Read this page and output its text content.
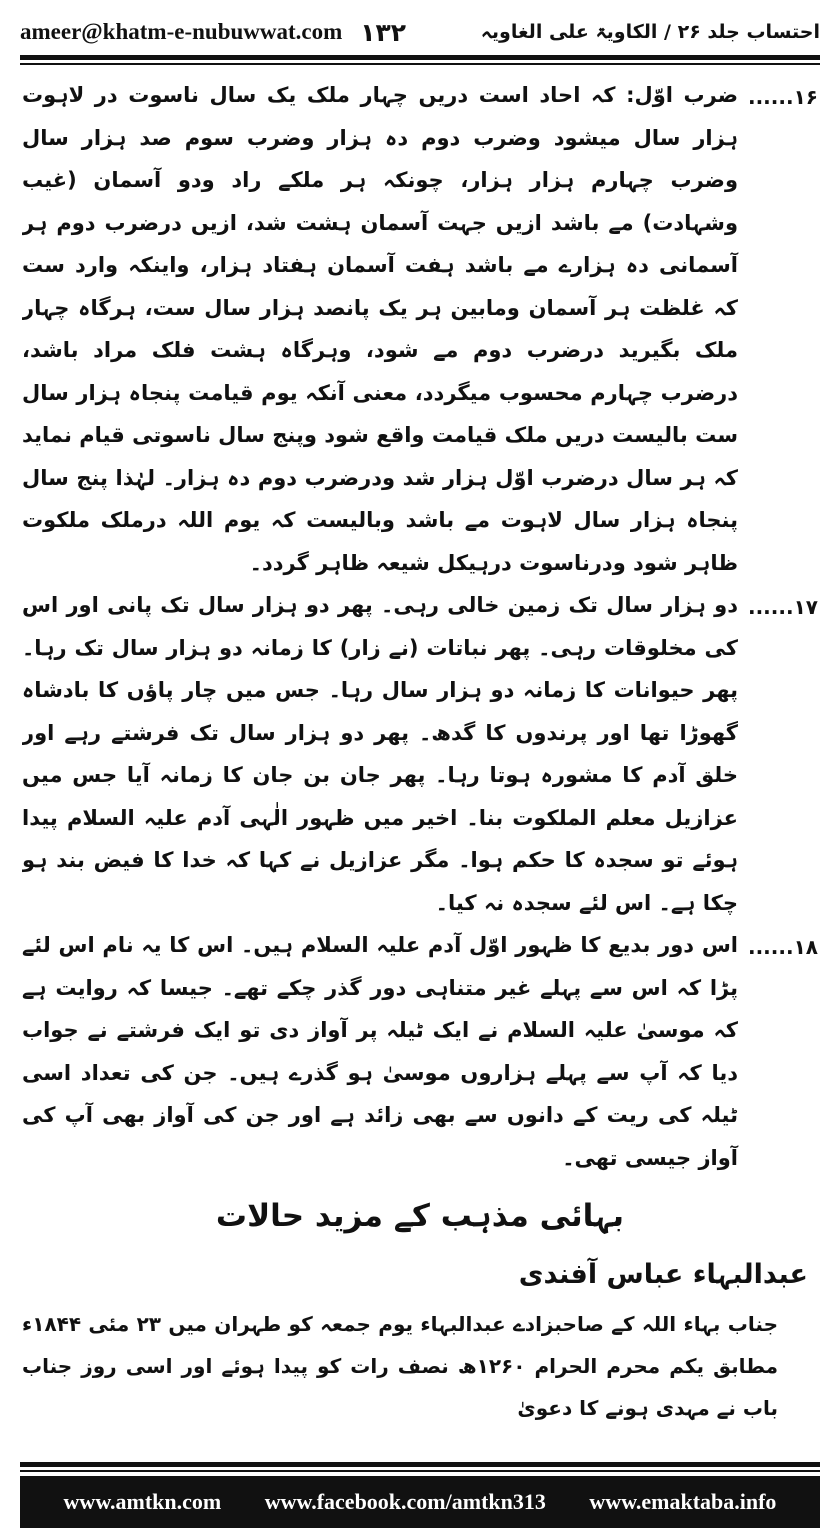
ameer@khatm-e-nubuwwat.com ۱۳۲	احتساب جلد ۲۶ / الکاویۃ علی الغاویہ
۱۶......

ضرب اوّل: کہ احاد است دریں چہار ملک یک سال ناسوت در لاہوت ہزار سال میشود وضرب دوم دہ ہزار وضرب سوم صد ہزار سال وضرب چہارم ہزار ہزار، چونکہ ہر ملکے راد ودو آسمان (غیب وشہادت) مے باشد ازیں جہت آسمان ہشت شد، ازیں درضرب دوم ہر آسمانی دہ ہزارے مے باشد ہفت آسمان ہفتاد ہزار، واینکہ وارد ست کہ غلظت ہر آسمان ومابین ہر یک پانصد ہزار سال ست، ہرگاہ چہار ملک بگیرید درضرب دوم مے شود، وہرگاہ ہشت فلک مراد باشد، درضرب چہارم محسوب میگردد، معنی آنکہ یوم قیامت پنجاہ ہزار سال ست بالیست دریں ملک قیامت واقع شود وپنج سال ناسوتی قیام نماید کہ ہر سال درضرب اوّل ہزار شد ودرضرب دوم دہ ہزار۔ لہٰذا پنج سال پنجاہ ہزار سال لاہوت مے باشد وبالیست کہ یوم اللہ درملک ملکوت ظاہر شود ودرناسوت درہیکل شیعہ ظاہر گردد۔

۱۷......

دو ہزار سال تک زمین خالی رہی۔ پھر دو ہزار سال تک پانی اور اس کی مخلوقات رہی۔ پھر نباتات (نے زار) کا زمانہ دو ہزار سال تک رہا۔ پھر حیوانات کا زمانہ دو ہزار سال رہا۔ جس میں چار پاؤں کا بادشاہ گھوڑا تھا اور پرندوں کا گدھ۔ پھر دو ہزار سال تک فرشتے رہے اور خلق آدم کا مشورہ ہوتا رہا۔ پھر جان بن جان کا زمانہ آیا جس میں عزازیل معلم الملکوت بنا۔ اخیر میں ظہور الٰہی آدم علیہ السلام پیدا ہوئے تو سجدہ کا حکم ہوا۔ مگر عزازیل نے کہا کہ خدا کا فیض بند ہو چکا ہے۔ اس لئے سجدہ نہ کیا۔

۱۸......

اس دور بدیع کا ظہور اوّل آدم علیہ السلام ہیں۔ اس کا یہ نام اس لئے پڑا کہ اس سے پہلے غیر متناہی دور گذر چکے تھے۔ جیسا کہ روایت ہے کہ موسیٰ علیہ السلام نے ایک ٹیلہ پر آواز دی تو ایک فرشتے نے جواب دیا کہ آپ سے پہلے ہزاروں موسیٰ ہو گذرے ہیں۔ جن کی تعداد اسی ٹیلہ کی ریت کے دانوں سے بھی زائد ہے اور جن کی آواز بھی آپ کی آواز جیسی تھی۔

بہائی مذہب کے مزید حالات
عبدالبہاء عباس آفندی

جناب بہاء اللہ کے صاحبزادے عبدالبہاء یوم جمعہ کو طہران میں ۲۳ مئی ۱۸۴۴ء مطابق یکم محرم الحرام ۱۲۶۰ھ نصف رات کو پیدا ہوئے اور اسی روز جناب باب نے مہدی ہونے کا دعویٰ

www.amtkn.com www.facebook.com/amtkn313 www.emaktaba.info
